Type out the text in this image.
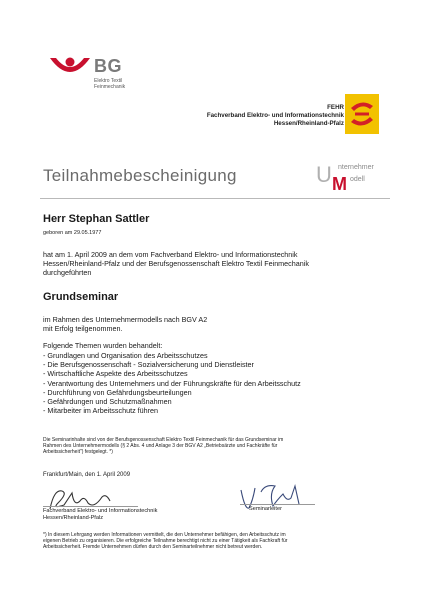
BG
Elektro Textil
Feinmechanik
FEHR
Fachverband Elektro- und Informationstechnik
Hessen/Rheinland-Pfalz
Teilnahmebescheinigung	U nternehmer
M odell
Herr Stephan Sattler
geboren am 29.05.1977
hat am 1. April 2009 an dem vom Fachverband Elektro- und Informationstechnik
Hessen/Rheinland-Pfalz und der Berufsgenossenschaft Elektro Textil Feinmechanik
durchgeführten
Grundseminar
im Rahmen des Unternehmermodells nach BGV A2
mit Erfolg teilgenommen.
Folgende Themen wurden behandelt:
- Grundlagen und Organisation des Arbeitsschutzes
- Die Berufsgenossenschaft - Sozialversicherung und Dienstleister
- Wirtschaftliche Aspekte des Arbeitsschutzes
- Verantwortung des Unternehmers und der Führungskräfte für den Arbeitsschutz
- Durchführung von Gefährdungsbeurteilungen
- Gefährdungen und Schutzmaßnahmen
- Mitarbeiter im Arbeitsschutz führen
Die Seminarinhalte sind von der Berufsgenossenschaft Elektro Textil Feinmechanik für das Grundseminar im
Rahmen des Unternehmermodells (§ 2 Abs. 4 und Anlage 3 der BGV A2 „Betriebsärzte und Fachkräfte für
Arbeitssicherheit") festgelegt. *)
Frankfurt/Main, den 1. April 2009
Fachverband Elektro- und Informationstechnik
Hessen/Rheinland-Pfalz
Seminarleiter
*) In diesem Lehrgang werden Informationen vermittelt, die den Unternehmer befähigen, den Arbeitsschutz im
eigenen Betrieb zu organisieren. Die erfolgreiche Teilnahme berechtigt nicht zu einer Tätigkeit als Fachkraft für
Arbeitssicherheit. Fremde Unternehmen dürfen durch den Seminarteilnehmer nicht betreut werden.
